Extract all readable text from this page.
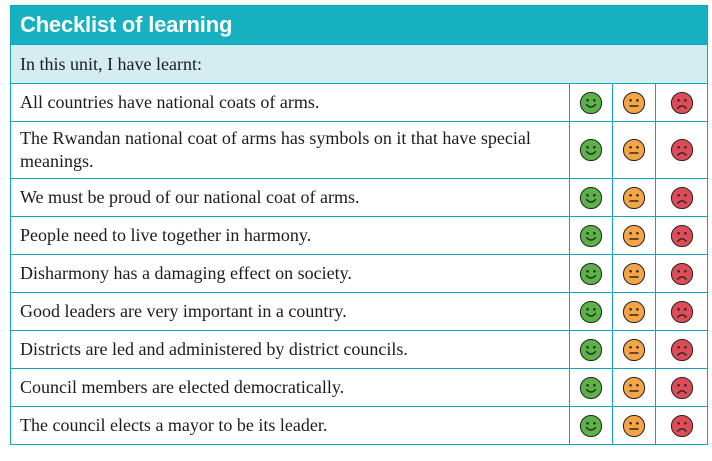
Checklist of learning
In this unit, I have learnt:
All countries have national coats of arms.
The Rwandan national coat of arms has symbols on it that have special meanings.
We must be proud of our national coat of arms.
People need to live together in harmony.
Disharmony has a damaging effect on society.
Good leaders are very important in a country.
Districts are led and administered by district councils.
Council members are elected democratically.
The council elects a mayor to be its leader.
